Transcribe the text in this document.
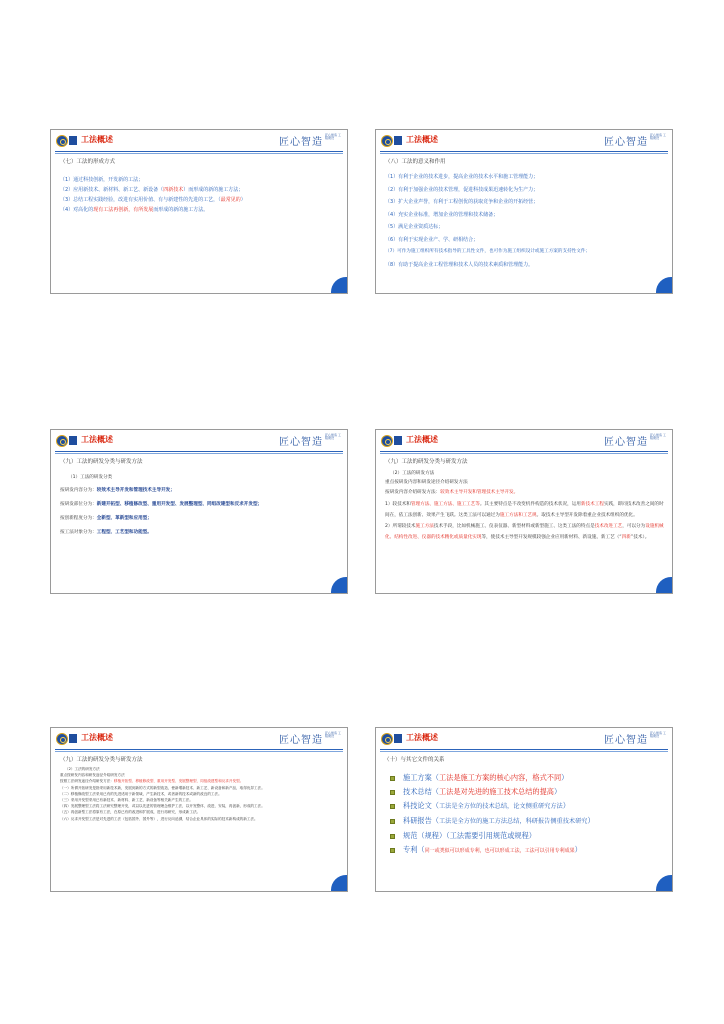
工法概述	匠心智造
匠心智造 工程建设
（七）工法的形成方式
（1）通过科技创新，开发新的工法；
（2）应用新技术、新材料、新工艺、新设备（四新技术）而形成的新的施工方法；
（3）总结工程实践经验，改进有实用价值、有与新建性的先进的工艺，（最常见的）
（4）对高化的现有工法再创新，有所发展而形成的新的施工方法。
工法概述	匠心智造
匠心智造 工程建设
（八）工法的意义和作用
（1）有利于企业的技术进步，提高企业的技术水平和施工管理能力；
（2）有利于加强企业的技术管理，促进科技成果迅速转化为生产力；
（3）扩大企业声誉，有利于工程创优的获取竞争和企业的开拓经营；
（4）充实企业标准，增加企业的管理和技术储备；
（5）满足企业资质达标；
（6）有利于实现企业产、学、研相结合；
（7）可作为施工组织所有技术指导的工具性文件，也可作为施工组织设计或施工方案的支持性文件；
（8）有助于提高企业工程管理和技术人员的技术素质和管理能力。
工法概述	匠心智造
匠心智造 工程建设
（九）工法的研发分类与研发方法
（1）工法的研发分类
按研发内容分为：较效术主导开发和管理技术主导开发；
按研发部位分为：新建开拓型、移植修改型、重用开发型、发展整理型、同组改建型和反求开发型；
按创新程度分为：全新型、革新型和应用型；
按工法对象分为：工程型、工艺型和功能型。
工法概述	匠心智造
匠心智造 工程建设
（九）工法的研发分类与研发方法
（2）工法的研发方法
重点按研发内容和研发途径介绍研发方法
按研发内容介绍研发方法：较效术主导开发和管理技术主导开发。
1）较技术和管理方法、施工方法、施工工艺等。其主要特点是不改变机件构造的技术状况，运用新技术工程实践，即同技术改善之间的时间在，依工法创新、效果产生飞跃。这类工法可以通过为施工方法和工艺规。取技术主导型开发除着重企业技术组织的优化。
2）所谓较技术施工方法技术手段，比如机械施工、仪表仪器、新型材料或新型施工、这类工法的特点是技术改进工艺，可以分为设施机械化、结构性改进、仪器的技术精化或质量化实现等，使技术主导型开发规模较强企业应用新材料、新设施、新工艺（“四新”技术）。
工法概述	匠心智造
匠心智造 工程建设
（九）工法的研发分类与研发方法
（2）工法的研发方法
重点按研发内容和研发途径介绍研发方法
按照工法研发途径介绍研发方法：移植开拓型、移植修改型、重用开发型、发展整理型、同组改建型和反求开发型。
（一）所谓开拓研发是指采用新技术新，发展到新的方式的新型改造，使新增新技术、新工艺、新设备和新产品，取得优异工法。
（二）移植修改型工法采用已有的先进适用于新领域，产生新技术，或者新的技术或新的改良的工法。
（三）采用开发型采用已有新技术、新材料、新工艺、新设备等相关新产生的工法。
（四）发展整理型工法将工法研究整理开发，或以以先进的管理理念维护工法，以开发整体，改进，安装，再创新，形成的工法。
（五）再创新型工法将原有工法，在原已有的改进和扩展成，进行再研究，形成新工法。
（六）反求开发型工法是对先进的工法（包括国外、国外等），进行反向追溯，结合企业具体的实际的技术新构成的新工法。
工法概述	匠心智造
匠心智造 工程建设
（十）与其它文件的关系
施工方案（工法是施工方案的核心内容，格式不同）
技术总结（工法是对先进的施工技术总结的提高）
科技论文（工法是全方位的技术总结，论文侧重研究方法）
科研报告（工法是全方位的施工方法总结，科研报告侧重技术研究）
规范（规程）（工法需要引用规范或规程）
专利（同一或类似可以形成专利，也可以形成工法，工法可以引用专利成果）
